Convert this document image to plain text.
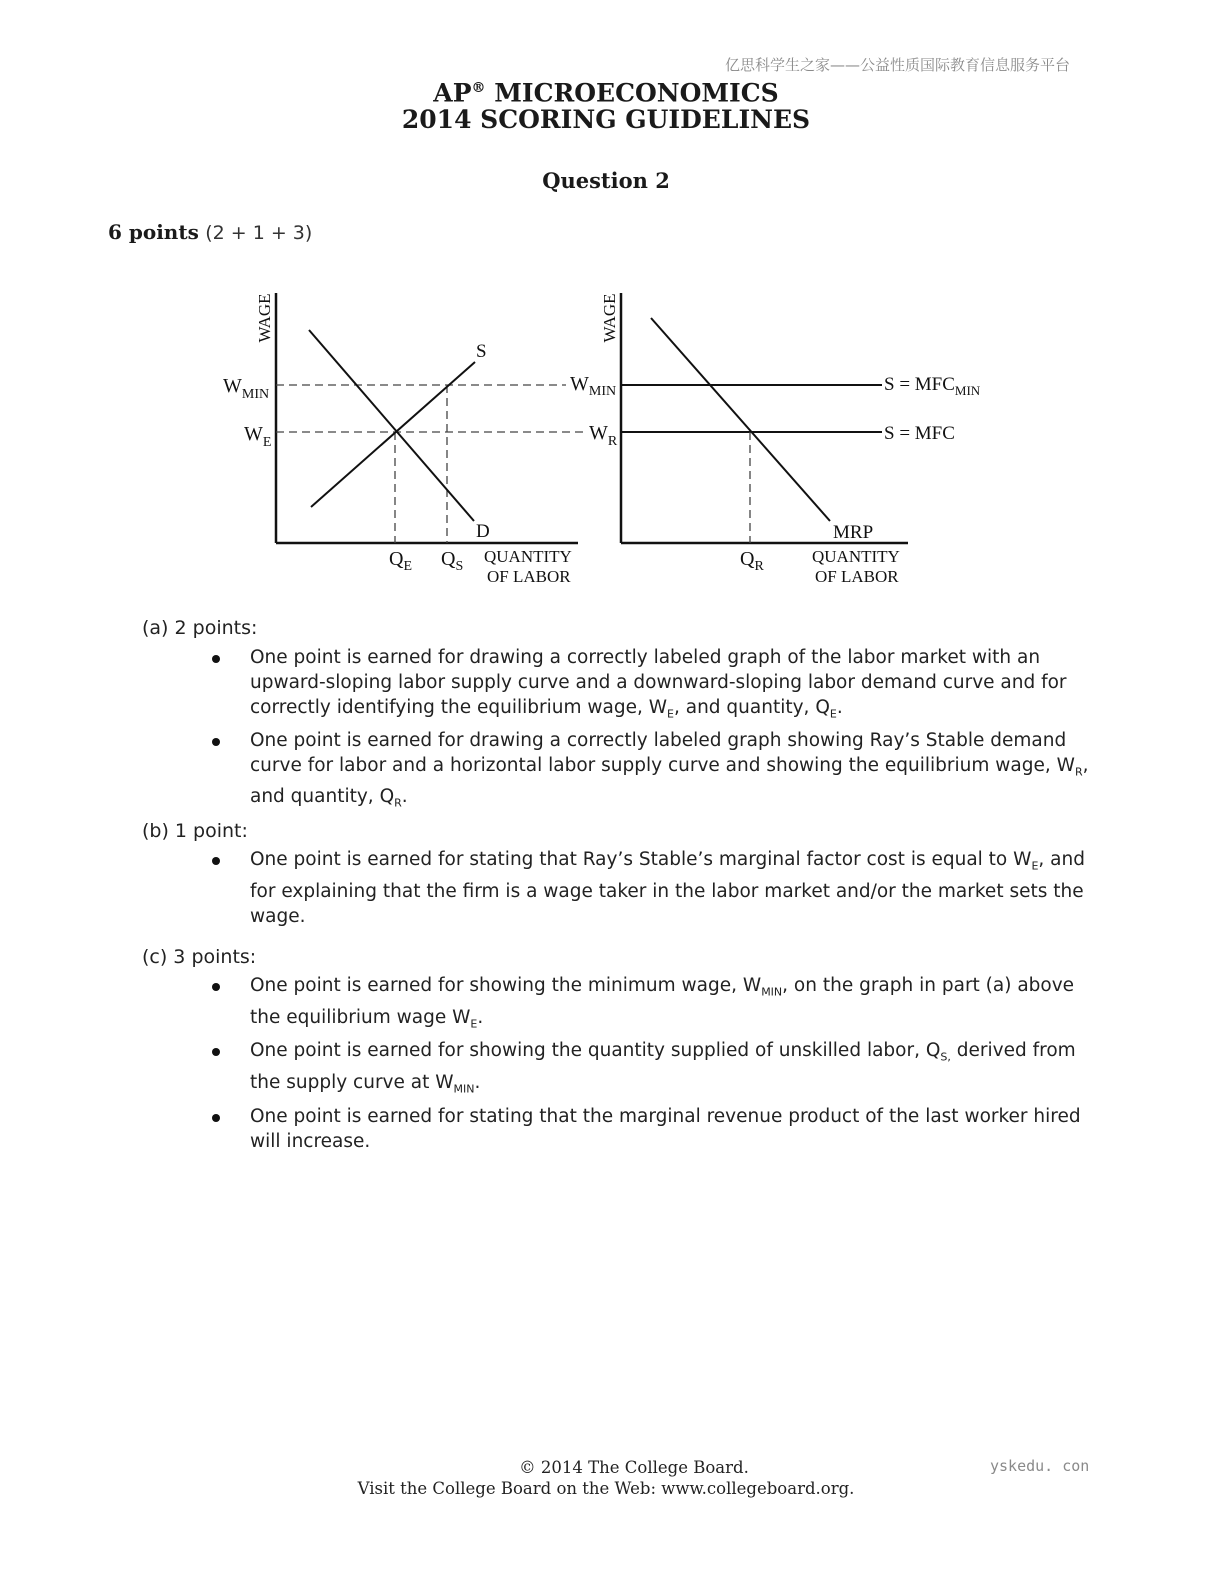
亿思科学生之家——公益性质国际教育信息服务平台
AP® MICROECONOMICS
2014 SCORING GUIDELINES
Question 2
6 points (2 + 1 + 3)
WAGE
S
D
$W_{MIN}$
$W_E$
$Q_E$ $Q_S$
QUANTITY
OF LABOR
WAGE
$W_{MIN}$
$W_R$
$S = MFC_{MIN}$
S = MFC
MRP
$Q_R$
QUANTITY
OF LABOR
(a) 2 points:
One point is earned for drawing a correctly labeled graph of the labor market with an
upward-sloping labor supply curve and a downward-sloping labor demand curve and for
correctly identifying the equilibrium wage, $W_E$, and quantity, $Q_E$.
One point is earned for drawing a correctly labeled graph showing Ray’s Stable demand
curve for labor and a horizontal labor supply curve and showing the equilibrium wage, $W_R$,
and quantity, $Q_R$.
(b) 1 point:
One point is earned for stating that Ray’s Stable’s marginal factor cost is equal to $W_E$, and
for explaining that the firm is a wage taker in the labor market and/or the market sets the
wage.
(c) 3 points:
One point is earned for showing the minimum wage, $W_{MIN}$, on the graph in part (a) above
the equilibrium wage $W_E$.
One point is earned for showing the quantity supplied of unskilled labor, $Q_{S,}$ derived from
the supply curve at $W_{MIN}$.
One point is earned for stating that the marginal revenue product of the last worker hired
will increase.
© 2014 The College Board.
Visit the College Board on the Web: www.collegeboard.org.
yskedu. con
